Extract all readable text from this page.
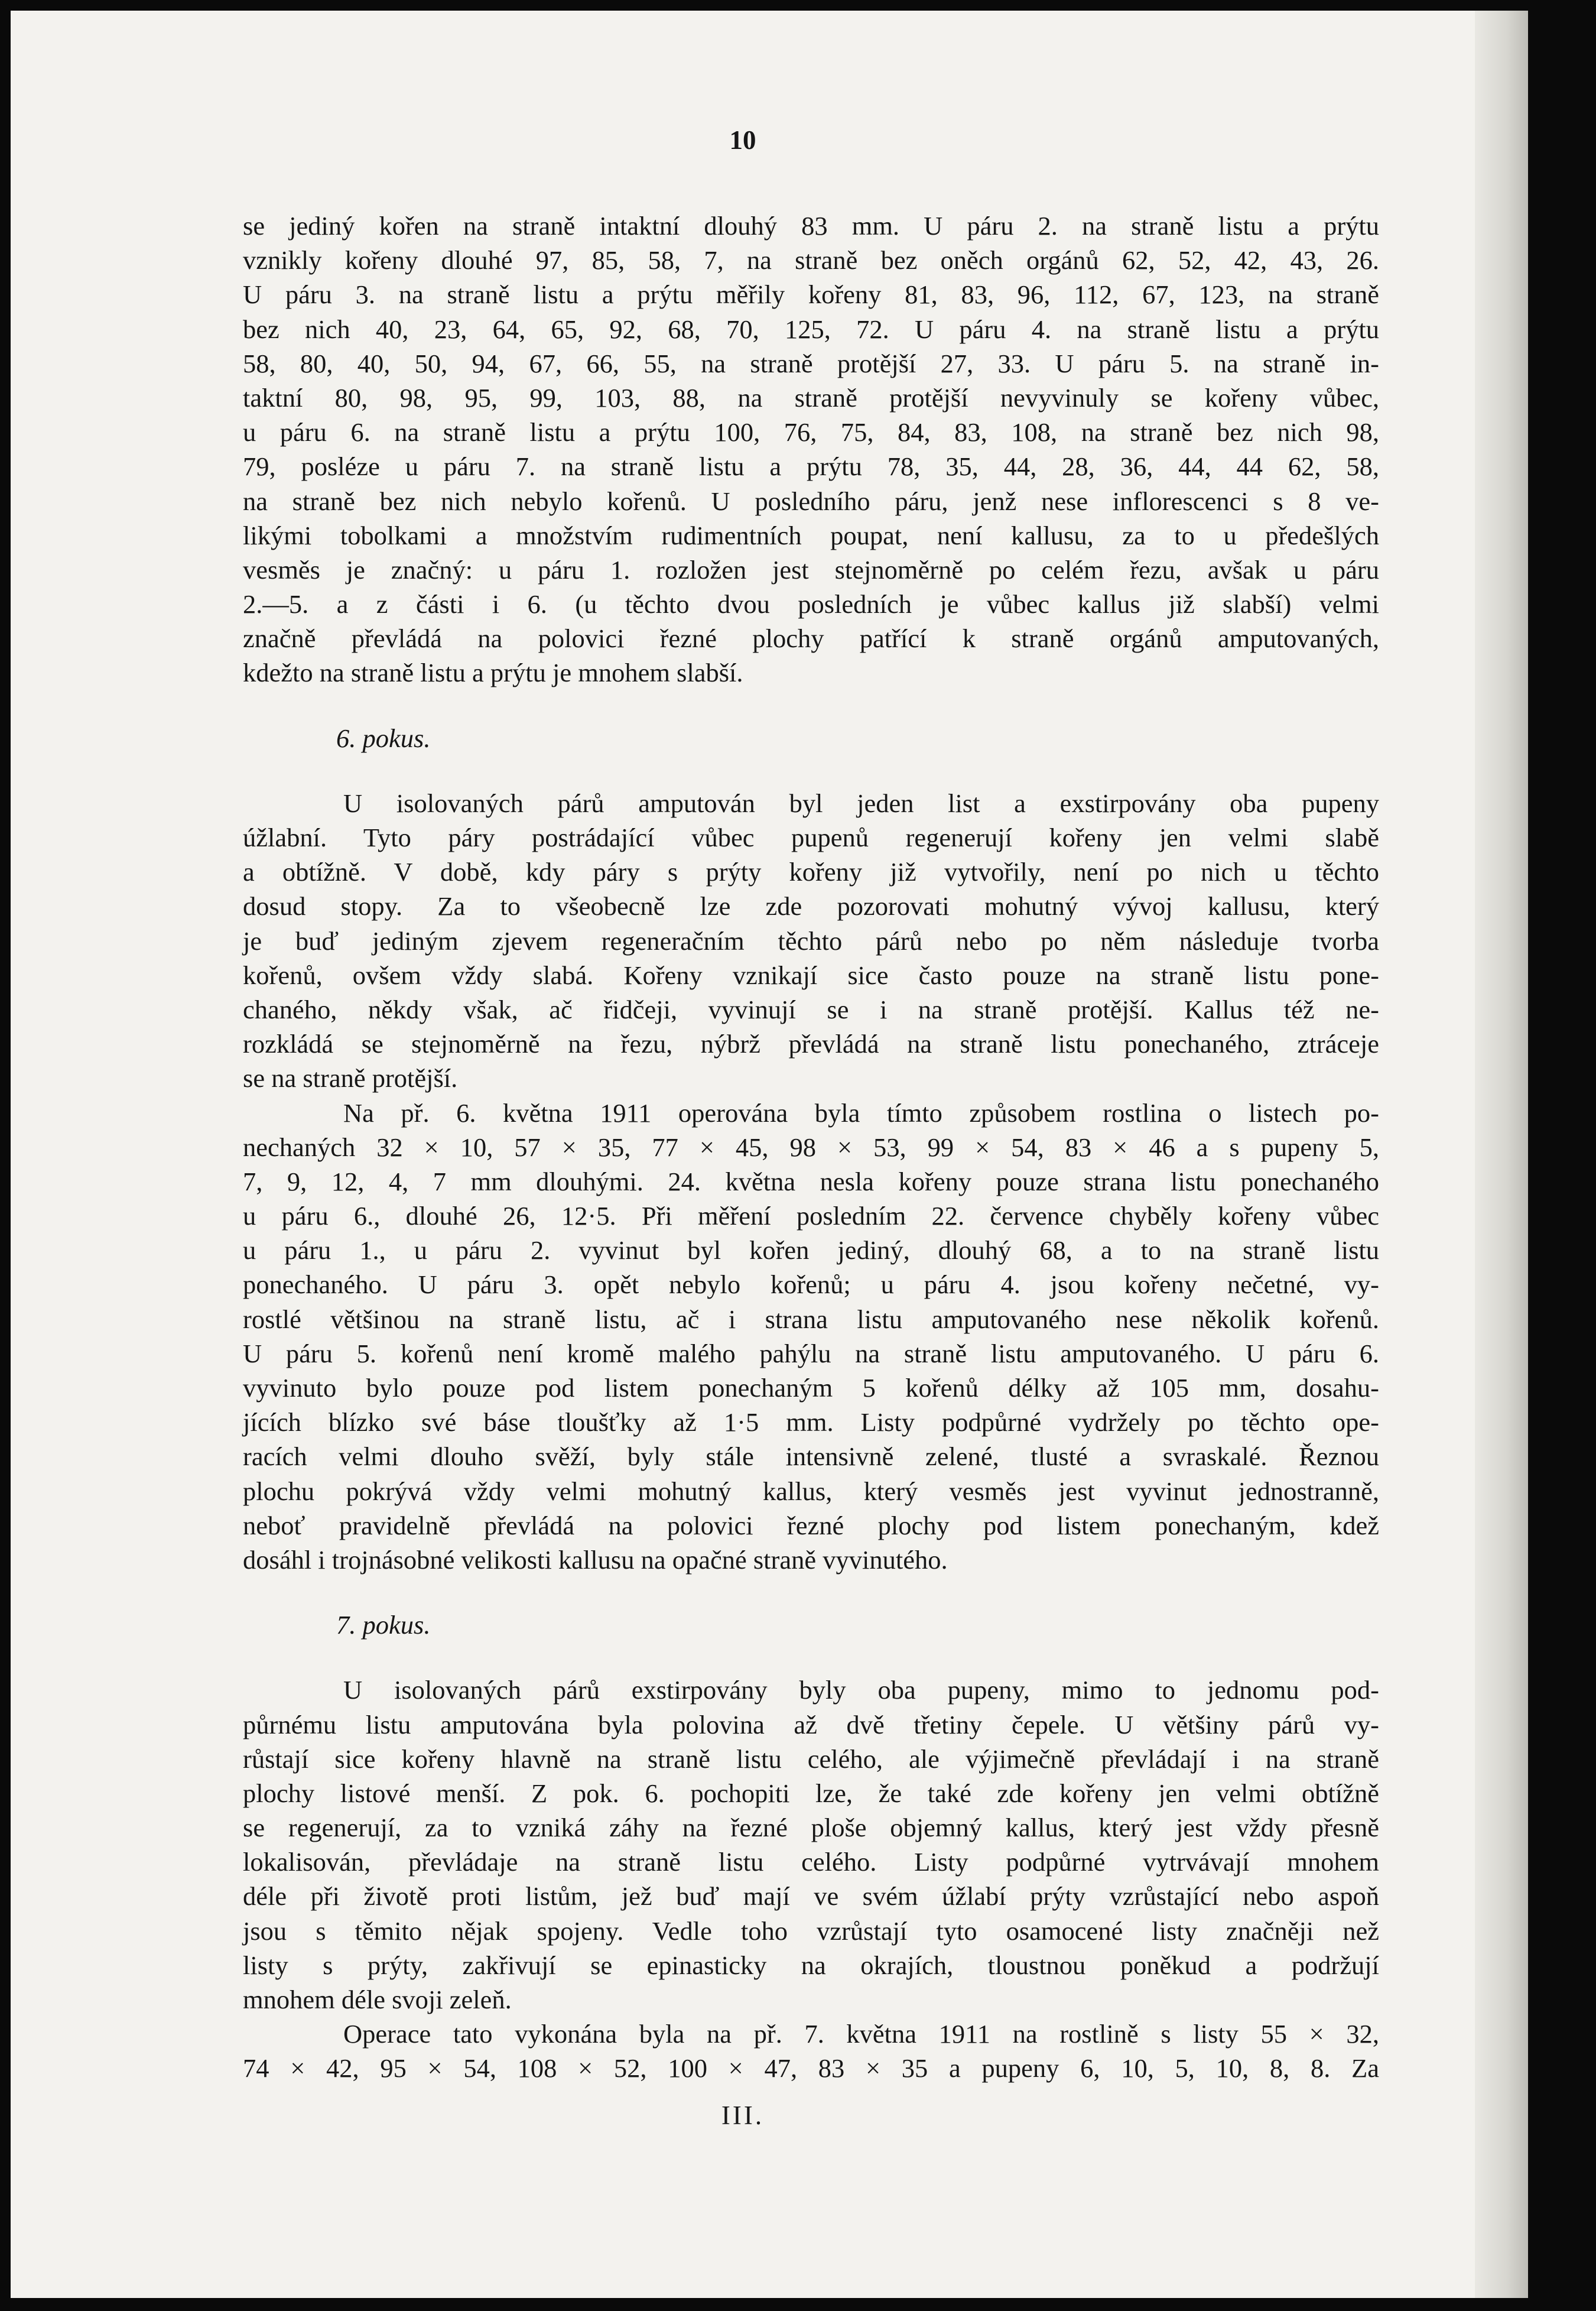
10
se jediný kořen na straně intaktní dlouhý 83 mm. U páru 2. na straně listu a prýtu
vznikly kořeny dlouhé 97, 85, 58, 7, na straně bez oněch orgánů 62, 52, 42, 43, 26.
U páru 3. na straně listu a prýtu měřily kořeny 81, 83, 96, 112, 67, 123, na straně
bez nich 40, 23, 64, 65, 92, 68, 70, 125, 72. U páru 4. na straně listu a prýtu
58, 80, 40, 50, 94, 67, 66, 55, na straně protější 27, 33. U páru 5. na straně in-
taktní 80, 98, 95, 99, 103, 88, na straně protější nevyvinuly se kořeny vůbec,
u páru 6. na straně listu a prýtu 100, 76, 75, 84, 83, 108, na straně bez nich 98,
79, posléze u páru 7. na straně listu a prýtu 78, 35, 44, 28, 36, 44, 44 62, 58,
na straně bez nich nebylo kořenů. U posledního páru, jenž nese inflorescenci s 8 ve-
likými tobolkami a množstvím rudimentních poupat, není kallusu, za to u předešlých
vesměs je značný: u páru 1. rozložen jest stejnoměrně po celém řezu, avšak u páru
2.—5. a z části i 6. (u těchto dvou posledních je vůbec kallus již slabší) velmi
značně převládá na polovici řezné plochy patřící k straně orgánů amputovaných,
kdežto na straně listu a prýtu je mnohem slabší.
6. pokus.
U isolovaných párů amputován byl jeden list a exstirpovány oba pupeny
úžlabní. Tyto páry postrádající vůbec pupenů regenerují kořeny jen velmi slabě
a obtížně. V době, kdy páry s prýty kořeny již vytvořily, není po nich u těchto
dosud stopy. Za to všeobecně lze zde pozorovati mohutný vývoj kallusu, který
je buď jediným zjevem regeneračním těchto párů nebo po něm následuje tvorba
kořenů, ovšem vždy slabá. Kořeny vznikají sice často pouze na straně listu pone-
chaného, někdy však, ač řidčeji, vyvinují se i na straně protější. Kallus též ne-
rozkládá se stejnoměrně na řezu, nýbrž převládá na straně listu ponechaného, ztráceje
se na straně protější.
Na př. 6. května 1911 operována byla tímto způsobem rostlina o listech po-
nechaných 32 × 10, 57 × 35, 77 × 45, 98 × 53, 99 × 54, 83 × 46 a s pupeny 5,
7, 9, 12, 4, 7 mm dlouhými. 24. května nesla kořeny pouze strana listu ponechaného
u páru 6., dlouhé 26, 12·5. Při měření posledním 22. července chyběly kořeny vůbec
u páru 1., u páru 2. vyvinut byl kořen jediný, dlouhý 68, a to na straně listu
ponechaného. U páru 3. opět nebylo kořenů; u páru 4. jsou kořeny nečetné, vy-
rostlé většinou na straně listu, ač i strana listu amputovaného nese několik kořenů.
U páru 5. kořenů není kromě malého pahýlu na straně listu amputovaného. U páru 6.
vyvinuto bylo pouze pod listem ponechaným 5 kořenů délky až 105 mm, dosahu-
jících blízko své báse tloušťky až 1·5 mm. Listy podpůrné vydržely po těchto ope-
racích velmi dlouho svěží, byly stále intensivně zelené, tlusté a svraskalé. Řeznou
plochu pokrývá vždy velmi mohutný kallus, který vesměs jest vyvinut jednostranně,
neboť pravidelně převládá na polovici řezné plochy pod listem ponechaným, kdež
dosáhl i trojnásobné velikosti kallusu na opačné straně vyvinutého.
7. pokus.
U isolovaných párů exstirpovány byly oba pupeny, mimo to jednomu pod-
půrnému listu amputována byla polovina až dvě třetiny čepele. U většiny párů vy-
růstají sice kořeny hlavně na straně listu celého, ale výjimečně převládají i na straně
plochy listové menší. Z pok. 6. pochopiti lze, že také zde kořeny jen velmi obtížně
se regenerují, za to vzniká záhy na řezné ploše objemný kallus, který jest vždy přesně
lokalisován, převládaje na straně listu celého. Listy podpůrné vytrvávají mnohem
déle při životě proti listům, jež buď mají ve svém úžlabí prýty vzrůstající nebo aspoň
jsou s těmito nějak spojeny. Vedle toho vzrůstají tyto osamocené listy značněji než
listy s prýty, zakřivují se epinasticky na okrajích, tloustnou poněkud a podržují
mnohem déle svoji zeleň.
Operace tato vykonána byla na př. 7. května 1911 na rostlině s listy 55 × 32,
74 × 42, 95 × 54, 108 × 52, 100 × 47, 83 × 35 a pupeny 6, 10, 5, 10, 8, 8. Za
III.
